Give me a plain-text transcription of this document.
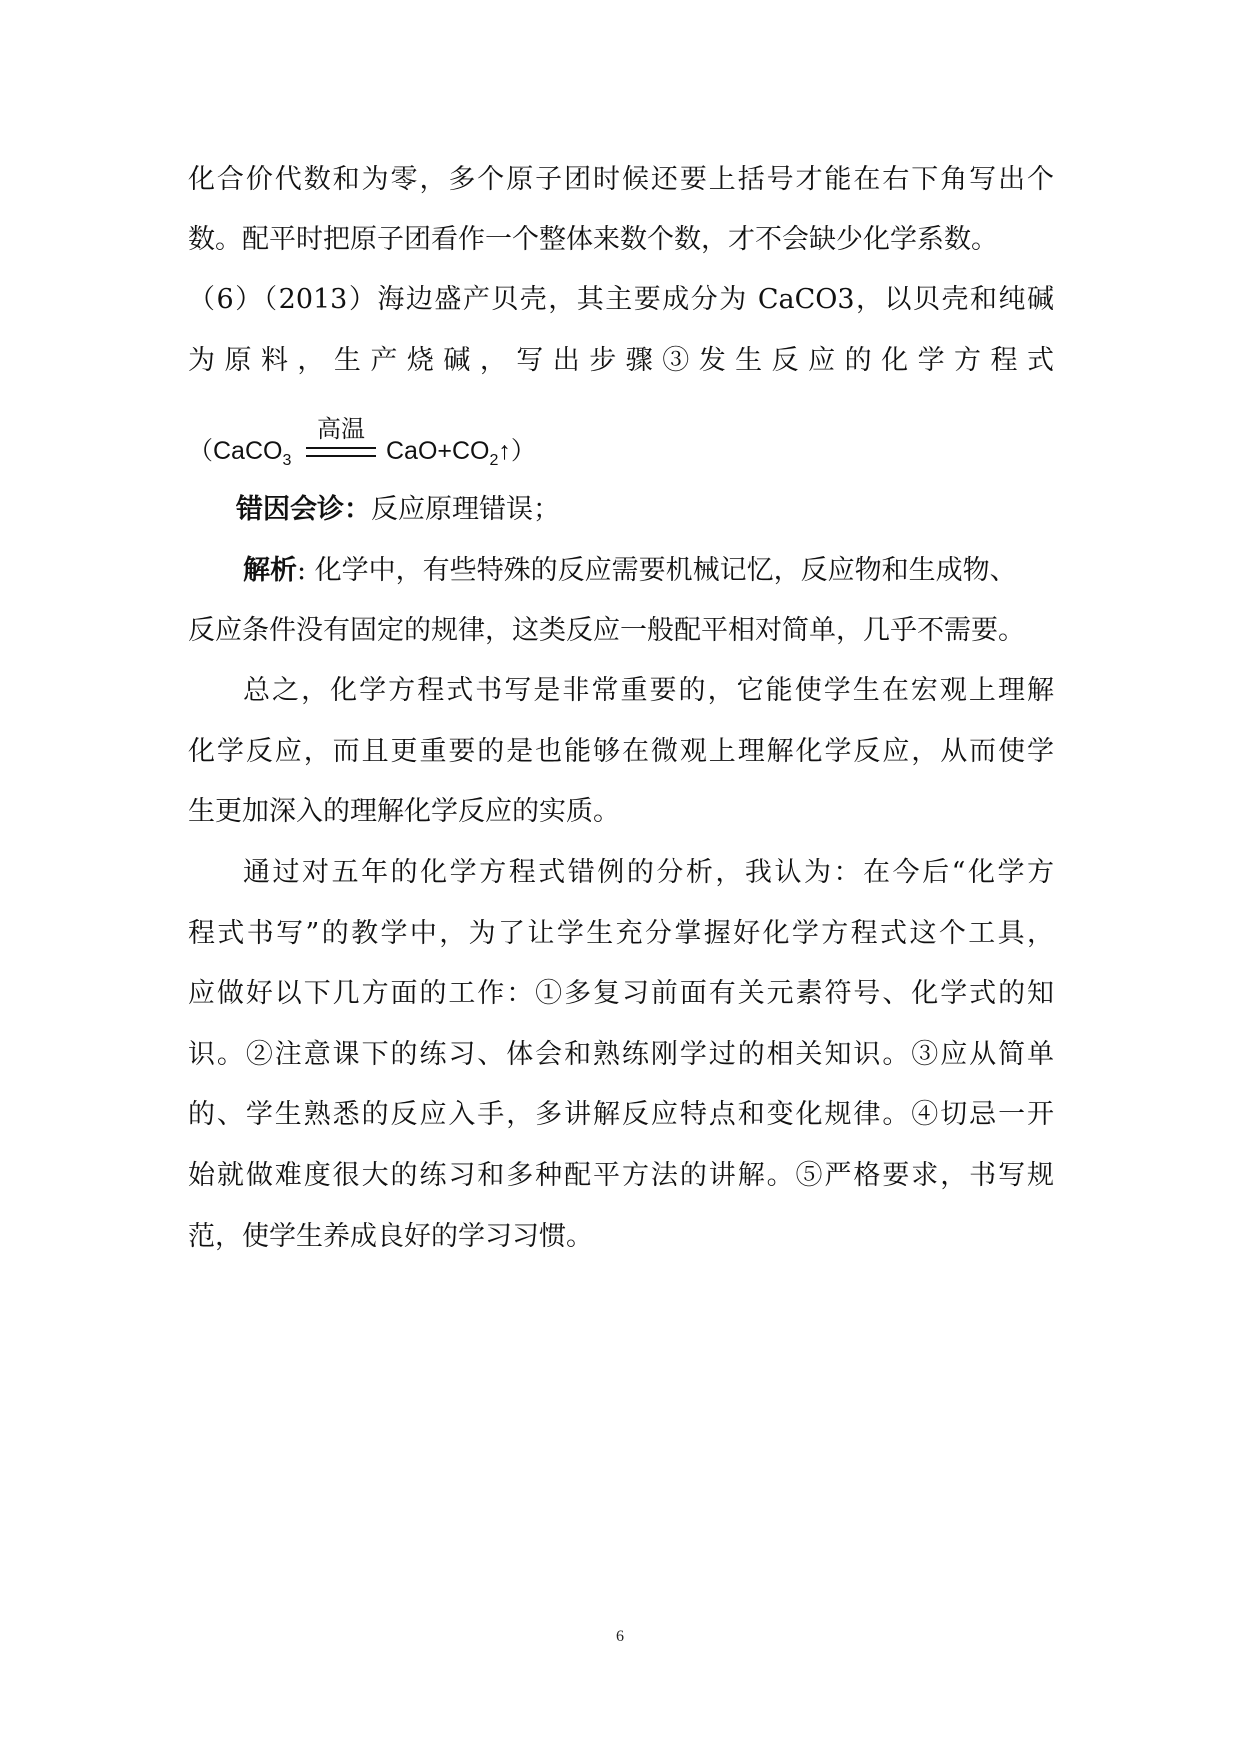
化合价代数和为零，多个原子团时候还要上括号才能在右下角写出个
数。配平时把原子团看作一个整体来数个数，才不会缺少化学系数。
（6）（2013）海边盛产贝壳，其主要成分为 CaCO3，以贝壳和纯碱
为原料，生产烧碱，写出步骤③发生反应的化学方程式
（CaCO$_3$
高温
$CaO+CO_2↑$）
错因会诊：反应原理错误；
解析: 化学中，有些特殊的反应需要机械记忆，反应物和生成物、
反应条件没有固定的规律，这类反应一般配平相对简单，几乎不需要。
总之，化学方程式书写是非常重要的，它能使学生在宏观上理解
化学反应，而且更重要的是也能够在微观上理解化学反应，从而使学
生更加深入的理解化学反应的实质。
通过对五年的化学方程式错例的分析，我认为：在今后“化学方
程式书写”的教学中，为了让学生充分掌握好化学方程式这个工具，
应做好以下几方面的工作：①多复习前面有关元素符号、化学式的知
识。②注意课下的练习、体会和熟练刚学过的相关知识。③应从简单
的、学生熟悉的反应入手，多讲解反应特点和变化规律。④切忌一开
始就做难度很大的练习和多种配平方法的讲解。⑤严格要求，书写规
范，使学生养成良好的学习习惯。
6
